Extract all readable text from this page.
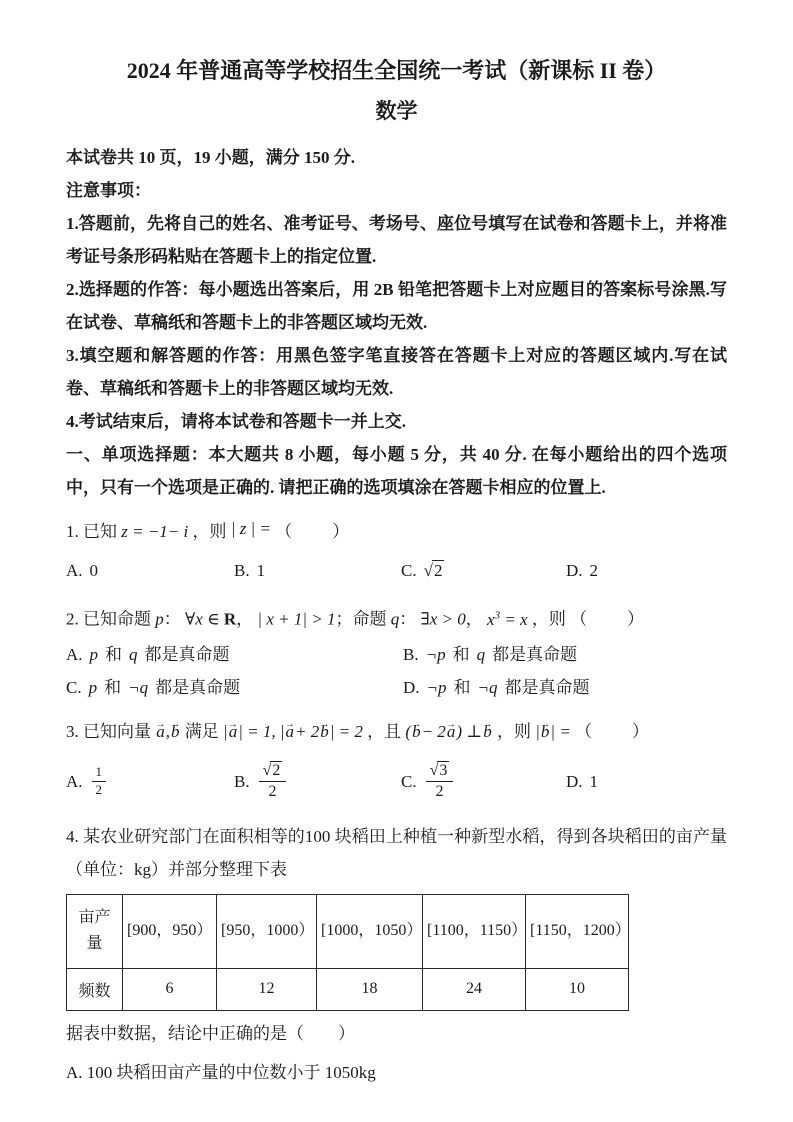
2024 年普通高等学校招生全国统一考试（新课标 II 卷）
数学

本试卷共 10 页，19 小题，满分 150 分.

注意事项：

1.答题前，先将自己的姓名、准考证号、考场号、座位号填写在试卷和答题卡上，并将准考证号条形码粘贴在答题卡上的指定位置.

2.选择题的作答：每小题选出答案后，用 2B 铅笔把答题卡上对应题目的答案标号涂黑.写在试卷、草稿纸和答题卡上的非答题区域均无效.

3.填空题和解答题的作答：用黑色签字笔直接答在答题卡上对应的答题区域内.写在试卷、草稿纸和答题卡上的非答题区域均无效.

4.考试结束后，请将本试卷和答题卡一并上交.

一、单项选择题：本大题共 8 小题，每小题 5 分，共 40 分. 在每小题给出的四个选项中，只有一个选项是正确的. 请把正确的选项填涂在答题卡相应的位置上.

1. 已知 z = −1− i ，则 | z | = （　　）

A. 0	B. 1	C. √2	D. 2

2. 已知命题 p： ∀x ∈ R， | x + 1| > 1；命题 q： ∃x > 0， $x^3 = x$ ，则 （　　）

A. p 和 q 都是真命题	B. ¬p 和 q 都是真命题
C. p 和 ¬q 都是真命题	D. ¬p 和 ¬q 都是真命题

3. 已知向量 a →,b → 满足 |a →| = 1, |a →+ 2b →| = 2 ，且 (b →− 2a →) ⊥b → ，则 |b →| = （　　）

A. $\frac{1}{2}$	B. $\frac{√2}{2}$	C. $\frac{√3}{2}$	D. 1

4. 某农业研究部门在面积相等的100 块稻田上种植一种新型水稻，得到各块稻田的亩产量（单位：kg）并部分整理下表

亩产量	[900，950）	[950，1000）	[1000，1050）	[1100，1150）	[1150，1200）
频数	6	12	18	24	10

据表中数据，结论中正确的是（　　）

A. 100 块稻田亩产量的中位数小于 1050kg
